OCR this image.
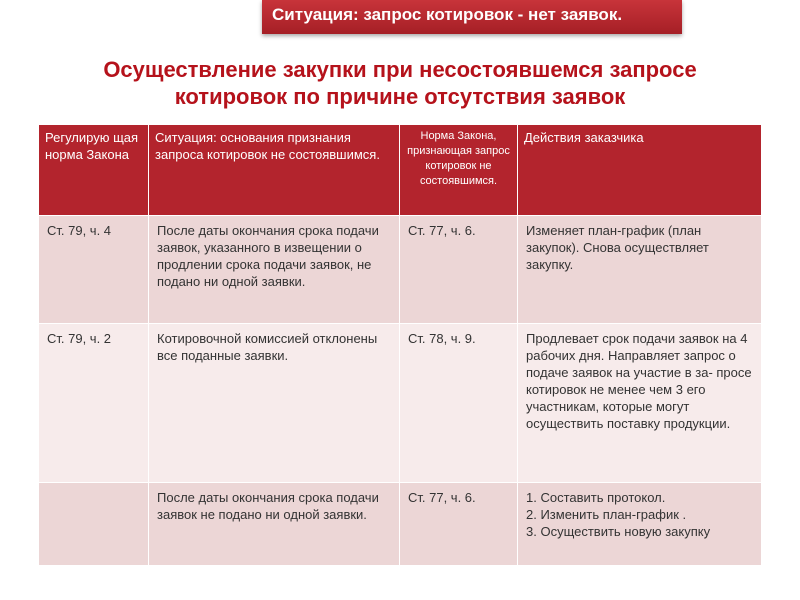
Ситуация: запрос котировок - нет заявок.
Осуществление закупки при несостоявшемся запросе
котировок по причине отсутствия заявок
Регулирую щая норма Закона	Ситуация: основания признания запроса котировок не состоявшимся.	Норма Закона, признающая запрос котировок не состоявшимся.	Действия заказчика
Ст. 79, ч. 4	После даты окончания срока подачи заявок, указанного в извещении о продлении срока подачи заявок, не подано ни одной заявки.	Ст. 77, ч. 6.	Изменяет план-график (план закупок). Снова осуществляет закупку.
Ст. 79, ч. 2	Котировочной комиссией отклонены все поданные заявки.	Ст. 78, ч. 9.	Продлевает срок подачи заявок на 4 рабочих дня. Направляет запрос о подаче заявок на участие в за- просе котировок не менее чем 3 его участникам, которые могут осуществить поставку продукции.
	После даты окончания срока подачи заявок не подано ни одной заявки.	Ст. 77, ч. 6.	1. Составить протокол.
2. Изменить план-график .
3. Осуществить новую закупку
